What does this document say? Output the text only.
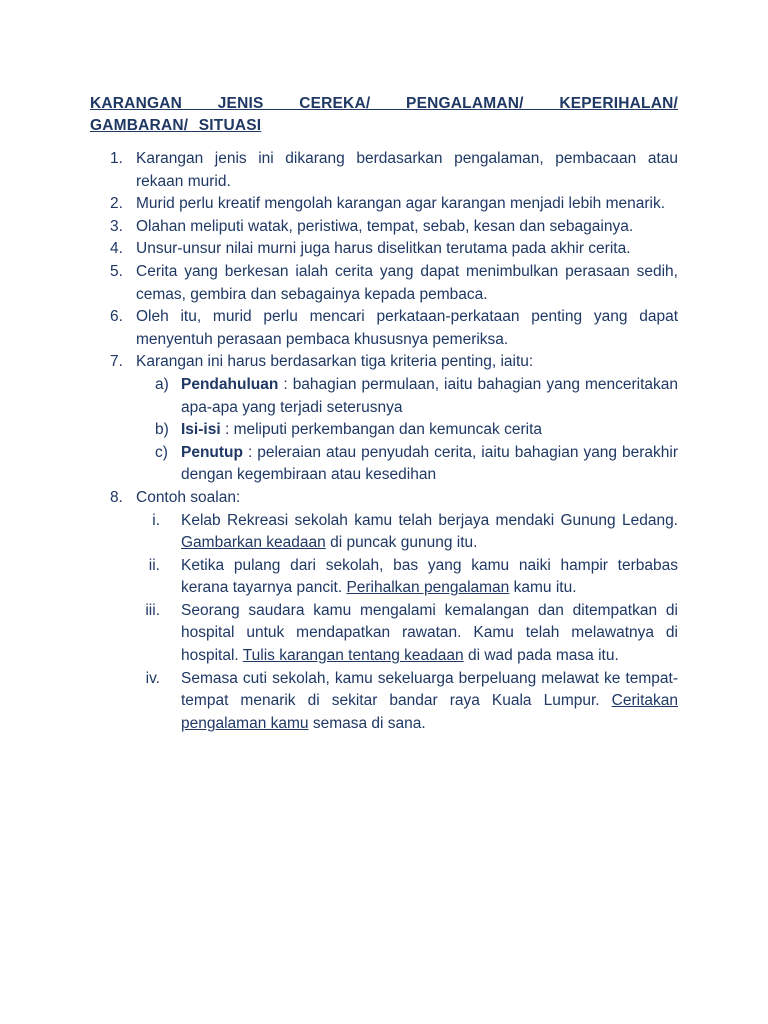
KARANGAN JENIS CEREKA/ PENGALAMAN/ KEPERIHALAN/ GAMBARAN/ SITUASI
1. Karangan jenis ini dikarang berdasarkan pengalaman, pembacaan atau rekaan murid.
2. Murid perlu kreatif mengolah karangan agar karangan menjadi lebih menarik.
3. Olahan meliputi watak, peristiwa, tempat, sebab, kesan dan sebagainya.
4. Unsur-unsur nilai murni juga harus diselitkan terutama pada akhir cerita.
5. Cerita yang berkesan ialah cerita yang dapat menimbulkan perasaan sedih, cemas, gembira dan sebagainya kepada pembaca.
6. Oleh itu, murid perlu mencari perkataan-perkataan penting yang dapat menyentuh perasaan pembaca khususnya pemeriksa.
7. Karangan ini harus berdasarkan tiga kriteria penting, iaitu:
a) Pendahuluan : bahagian permulaan, iaitu bahagian yang menceritakan apa-apa yang terjadi seterusnya
b) Isi-isi : meliputi perkembangan dan kemuncak cerita
c) Penutup : peleraian atau penyudah cerita, iaitu bahagian yang berakhir dengan kegembiraan atau kesedihan
8. Contoh soalan:
i. Kelab Rekreasi sekolah kamu telah berjaya mendaki Gunung Ledang. Gambarkan keadaan di puncak gunung itu.
ii. Ketika pulang dari sekolah, bas yang kamu naiki hampir terbabas kerana tayarnya pancit. Perihalkan pengalaman kamu itu.
iii. Seorang saudara kamu mengalami kemalangan dan ditempatkan di hospital untuk mendapatkan rawatan. Kamu telah melawatnya di hospital. Tulis karangan tentang keadaan di wad pada masa itu.
iv. Semasa cuti sekolah, kamu sekeluarga berpeluang melawat ke tempat-tempat menarik di sekitar bandar raya Kuala Lumpur. Ceritakan pengalaman kamu semasa di sana.
